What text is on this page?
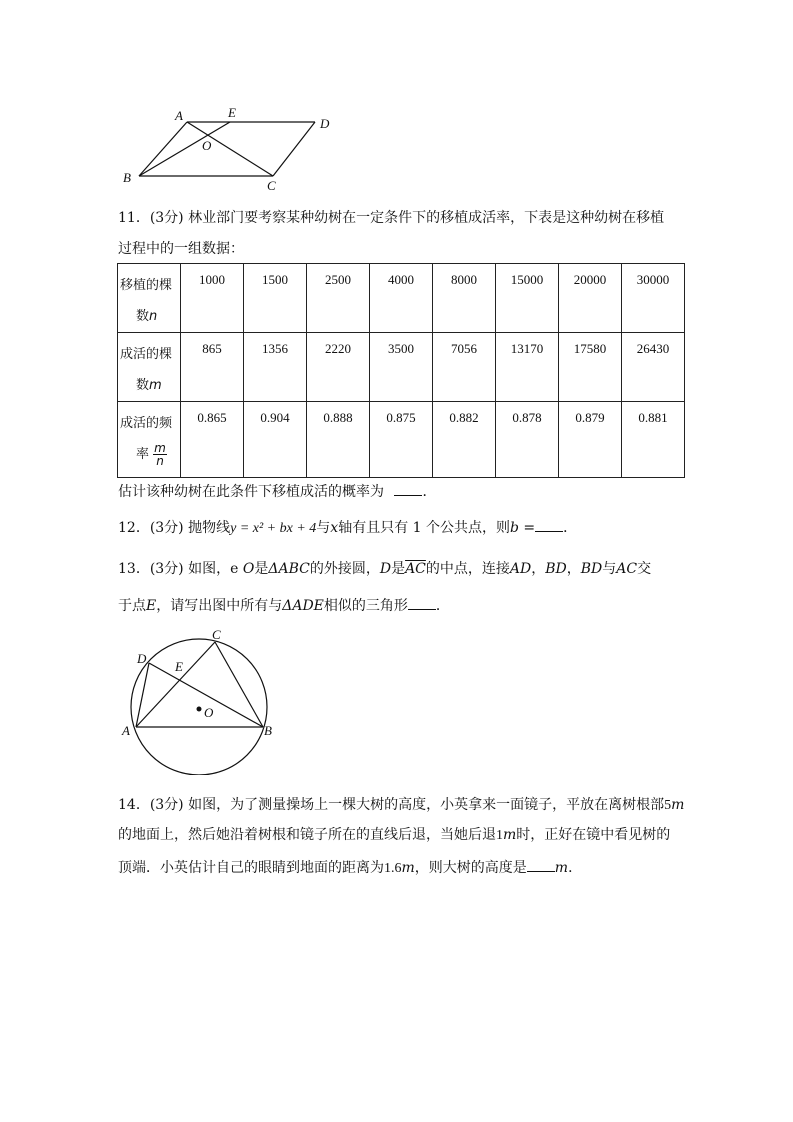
A	E
D
O
B
C
11．(3分) 林业部门要考察某种幼树在一定条件下的移植成活率，下表是这种幼树在移植
过程中的一组数据：
移植的棵
数n	1000	1500	2500	4000	8000	15000	20000	30000
成活的棵
数m	865	1356	2220	3500	7056	13170	17580	26430
成活的频
率 $\frac{m}{n}$	0.865	0.904	0.888	0.875	0.882	0.878	0.879	0.881
估计该种幼树在此条件下移植成活的概率为	．
12．(3分) 抛物线y = x² + bx + 4与x轴有且只有 1 个公共点，则b = ．
13．(3分) 如图，e O是ΔABC的外接圆，D是$\overline{AC}$的中点，连接AD，BD，BD与AC交
于点E，请写出图中所有与ΔADE相似的三角形 ．
C
D
E
O
A	B
14．(3分) 如图，为了测量操场上一棵大树的高度，小英拿来一面镜子，平放在离树根部5m
的地面上，然后她沿着树根和镜子所在的直线后退，当她后退1m时，正好在镜中看见树的
顶端．小英估计自己的眼睛到地面的距离为1.6m，则大树的高度是 m．
